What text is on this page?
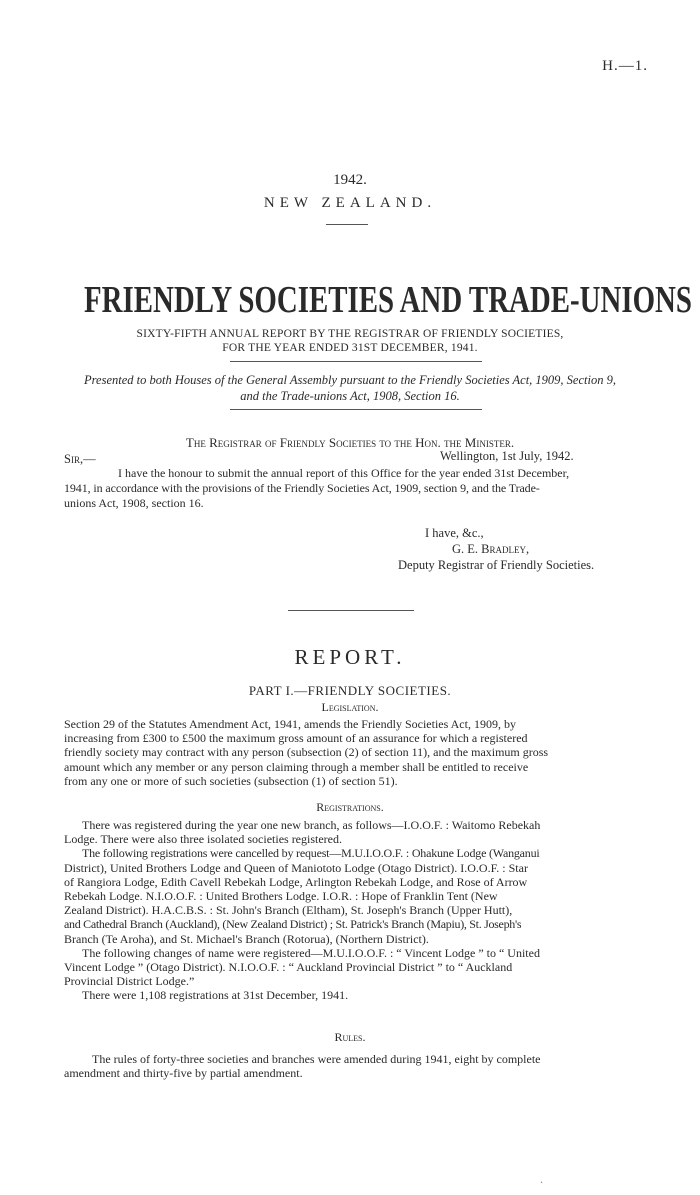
H.—1.
1942.
NEW ZEALAND.
FRIENDLY SOCIETIES AND TRADE-UNIONS
SIXTY-FIFTH ANNUAL REPORT BY THE REGISTRAR OF FRIENDLY SOCIETIES,
FOR THE YEAR ENDED 31ST DECEMBER, 1941.
Presented to both Houses of the General Assembly pursuant to the Friendly Societies Act, 1909, Section 9,
and the Trade-unions Act, 1908, Section 16.
The Registrar of Friendly Societies to the Hon. the Minister.
Sir,—	Wellington, 1st July, 1942.
I have the honour to submit the annual report of this Office for the year ended 31st December,
1941, in accordance with the provisions of the Friendly Societies Act, 1909, section 9, and the Trade-
unions Act, 1908, section 16.
I have, &c.,
G. E. Bradley,
Deputy Registrar of Friendly Societies.
REPORT.
PART I.—FRIENDLY SOCIETIES.
Legislation.

Section 29 of the Statutes Amendment Act, 1941, amends the Friendly Societies Act, 1909, by

increasing from £300 to £500 the maximum gross amount of an assurance for which a registered

friendly society may contract with any person (subsection (2) of section 11), and the maximum gross

amount which any member or any person claiming through a member shall be entitled to receive

from any one or more of such societies (subsection (1) of section 51).

Registrations.

There was registered during the year one new branch, as follows—I.O.O.F. : Waitomo Rebekah

Lodge. There were also three isolated societies registered.

The following registrations were cancelled by request—M.U.I.O.O.F. : Ohakune Lodge (Wanganui

District), United Brothers Lodge and Queen of Maniototo Lodge (Otago District). I.O.O.F. : Star

of Rangiora Lodge, Edith Cavell Rebekah Lodge, Arlington Rebekah Lodge, and Rose of Arrow

Rebekah Lodge. N.I.O.O.F. : United Brothers Lodge. I.O.R. : Hope of Franklin Tent (New

Zealand District). H.A.C.B.S. : St. John's Branch (Eltham), St. Joseph's Branch (Upper Hutt),

and Cathedral Branch (Auckland), (New Zealand District) ; St. Patrick's Branch (Mapiu), St. Joseph's

Branch (Te Aroha), and St. Michael's Branch (Rotorua), (Northern District).

The following changes of name were registered—M.U.I.O.O.F. : “ Vincent Lodge ” to “ United

Vincent Lodge ” (Otago District). N.I.O.O.F. : “ Auckland Provincial District ” to “ Auckland

Provincial District Lodge.”

There were 1,108 registrations at 31st December, 1941.

Rules.

The rules of forty-three societies and branches were amended during 1941, eight by complete

amendment and thirty-five by partial amendment.

.
